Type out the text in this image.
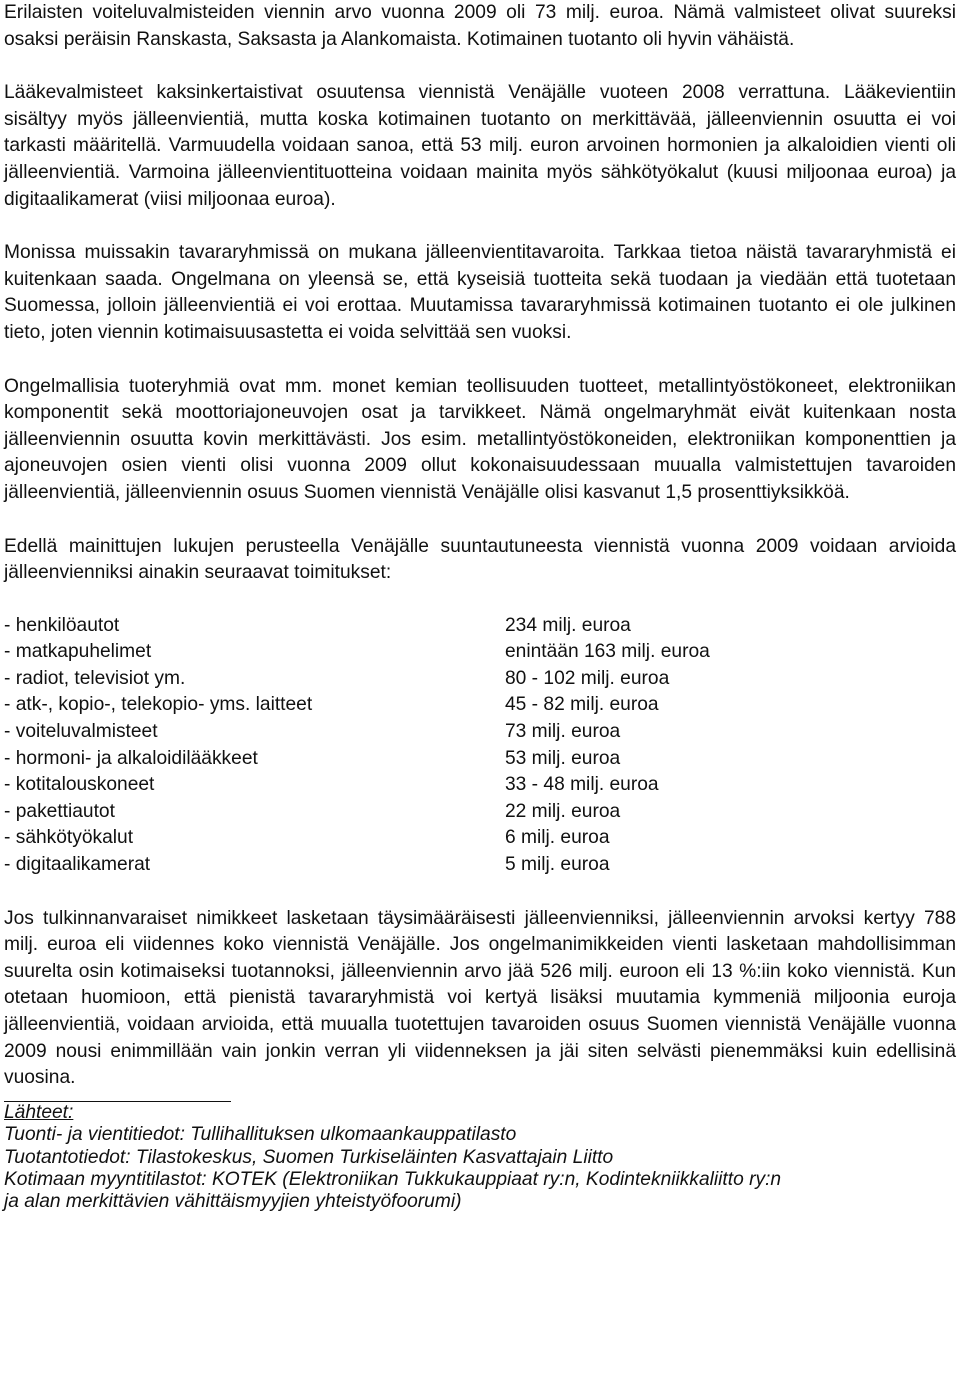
Erilaisten voiteluvalmisteiden viennin arvo vuonna 2009 oli 73 milj. euroa. Nämä valmisteet olivat suureksi osaksi peräisin Ranskasta, Saksasta ja Alankomaista. Kotimainen tuotanto oli hyvin vähäistä.

Lääkevalmisteet kaksinkertaistivat osuutensa viennistä Venäjälle vuoteen 2008 verrattuna. Lääkevientiin sisältyy myös jälleenvientiä, mutta koska kotimainen tuotanto on merkittävää, jälleenviennin osuutta ei voi tarkasti määritellä. Varmuudella voidaan sanoa, että 53 milj. euron arvoinen hormonien ja alkaloidien vienti oli jälleenvientiä. Varmoina jälleenvientituotteina voidaan mainita myös sähkötyökalut (kuusi miljoonaa euroa) ja digitaalikamerat (viisi miljoonaa euroa).

Monissa muissakin tavararyhmissä on mukana jälleenvientitavaroita. Tarkkaa tietoa näistä tavararyhmistä ei kuitenkaan saada. Ongelmana on yleensä se, että kyseisiä tuotteita sekä tuodaan ja viedään että tuotetaan Suomessa, jolloin jälleenvientiä ei voi erottaa. Muutamissa tavararyhmissä kotimainen tuotanto ei ole julkinen tieto, joten viennin kotimaisuusastetta ei voida selvittää sen vuoksi.

Ongelmallisia tuoteryhmiä ovat mm. monet kemian teollisuuden tuotteet, metallintyöstökoneet, elektroniikan komponentit sekä moottoriajoneuvojen osat ja tarvikkeet. Nämä ongelmaryhmät eivät kuitenkaan nosta jälleenviennin osuutta kovin merkittävästi. Jos esim. metallintyöstökoneiden, elektroniikan komponenttien ja ajoneuvojen osien vienti olisi vuonna 2009 ollut kokonaisuudessaan muualla valmistettujen tavaroiden jälleenvientiä, jälleenviennin osuus Suomen viennistä Venäjälle olisi kasvanut 1,5 prosenttiyksikköä.

Edellä mainittujen lukujen perusteella Venäjälle suuntautuneesta viennistä vuonna 2009 voidaan arvioida jälleenvienniksi ainakin seuraavat toimitukset:

- henkilöautot	234 milj. euroa
- matkapuhelimet	enintään 163 milj. euroa
- radiot, televisiot ym.	80 - 102 milj. euroa
- atk-, kopio-, telekopio- yms. laitteet	45 - 82 milj. euroa
- voiteluvalmisteet	73 milj. euroa
- hormoni- ja alkaloidilääkkeet	53 milj. euroa
- kotitalouskoneet	33 - 48 milj. euroa
- pakettiautot	22 milj. euroa
- sähkötyökalut	6 milj. euroa
- digitaalikamerat	5 milj. euroa

Jos tulkinnanvaraiset nimikkeet lasketaan täysimääräisesti jälleenvienniksi, jälleenviennin arvoksi kertyy 788 milj. euroa eli viidennes koko viennistä Venäjälle. Jos ongelmanimikkeiden vienti lasketaan mahdollisimman suurelta osin kotimaiseksi tuotannoksi, jälleenviennin arvo jää 526 milj. euroon eli 13 %:iin koko viennistä. Kun otetaan huomioon, että pienistä tavararyhmistä voi kertyä lisäksi muutamia kymmeniä miljoonia euroja jälleenvientiä, voidaan arvioida, että muualla tuotettujen tavaroiden osuus Suomen viennistä Venäjälle vuonna 2009 nousi enimmillään vain jonkin verran yli viidenneksen ja jäi siten selvästi pienemmäksi kuin edellisinä vuosina.

Lähteet:
Tuonti- ja vientitiedot: Tullihallituksen ulkomaankauppatilasto
Tuotantotiedot: Tilastokeskus, Suomen Turkiseläinten Kasvattajain Liitto
Kotimaan myyntitilastot: KOTEK (Elektroniikan Tukkukauppiaat ry:n, Kodintekniikkaliitto ry:n
ja alan merkittävien vähittäismyyjien yhteistyöfoorumi)
